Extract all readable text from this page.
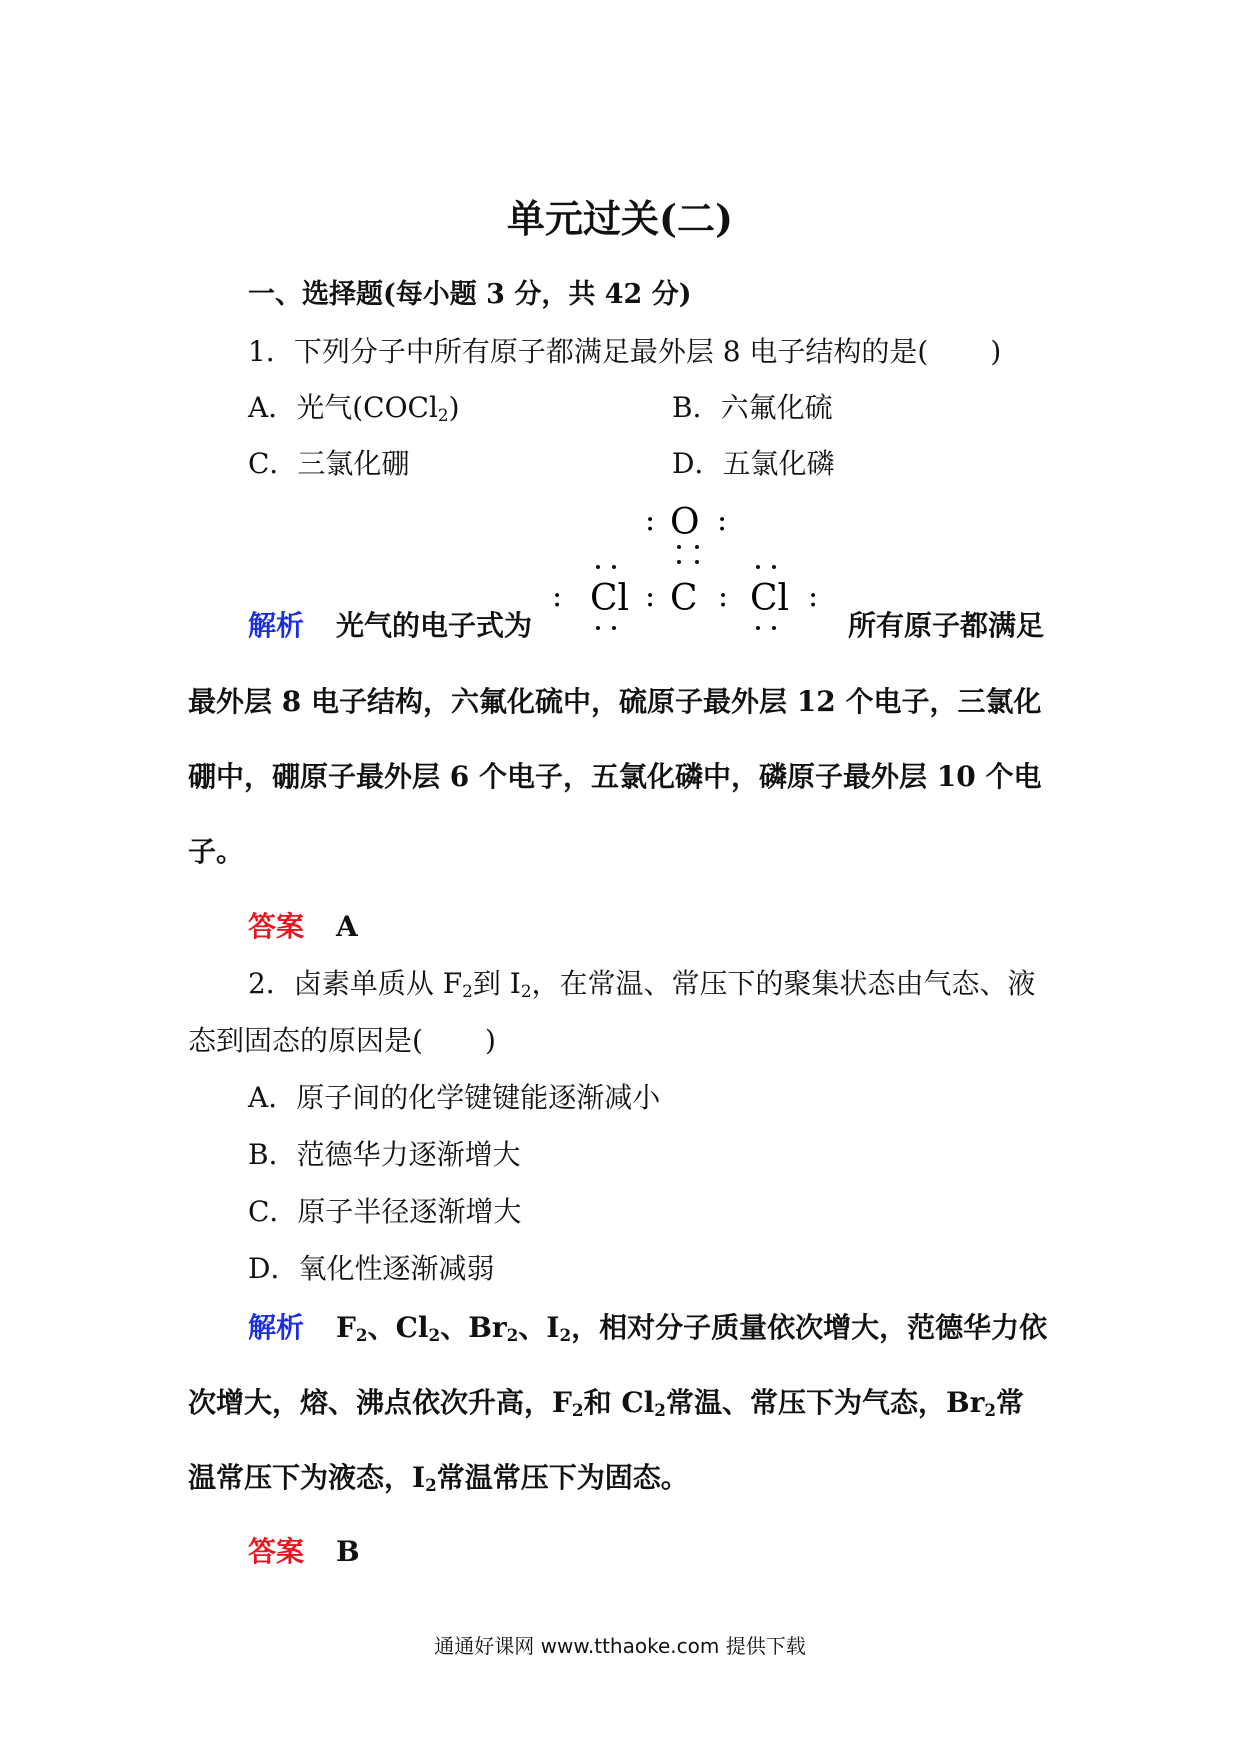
单元过关(二)
一、选择题(每小题 3 分，共 42 分)
1．下列分子中所有原子都满足最外层 8 电子结构的是( )
A．光气(COCl$_2$)	B．六氟化硫
C．三氯化硼	D．五氯化磷
: O :
: Cl : C : Cl :
解析 光气的电子式为	所有原子都满足
最外层 8 电子结构，六氟化硫中，硫原子最外层 12 个电子，三氯化
硼中，硼原子最外层 6 个电子，五氯化磷中，磷原子最外层 10 个电
子。
答案 A
2．卤素单质从 $F_2$到 $I_2$，在常温、常压下的聚集状态由气态、液
态到固态的原因是( )
A．原子间的化学键键能逐渐减小
B．范德华力逐渐增大
C．原子半径逐渐增大
D．氧化性逐渐减弱
解析 $F_2$、$Cl_2$、$Br_2$、$I_2$，相对分子质量依次增大，范德华力依
次增大，熔、沸点依次升高，$F_2$和 $Cl_2$常温、常压下为气态，$Br_2$常
温常压下为液态，$I_2$常温常压下为固态。
答案 B
通通好课网 www.tthaoke.com 提供下载
